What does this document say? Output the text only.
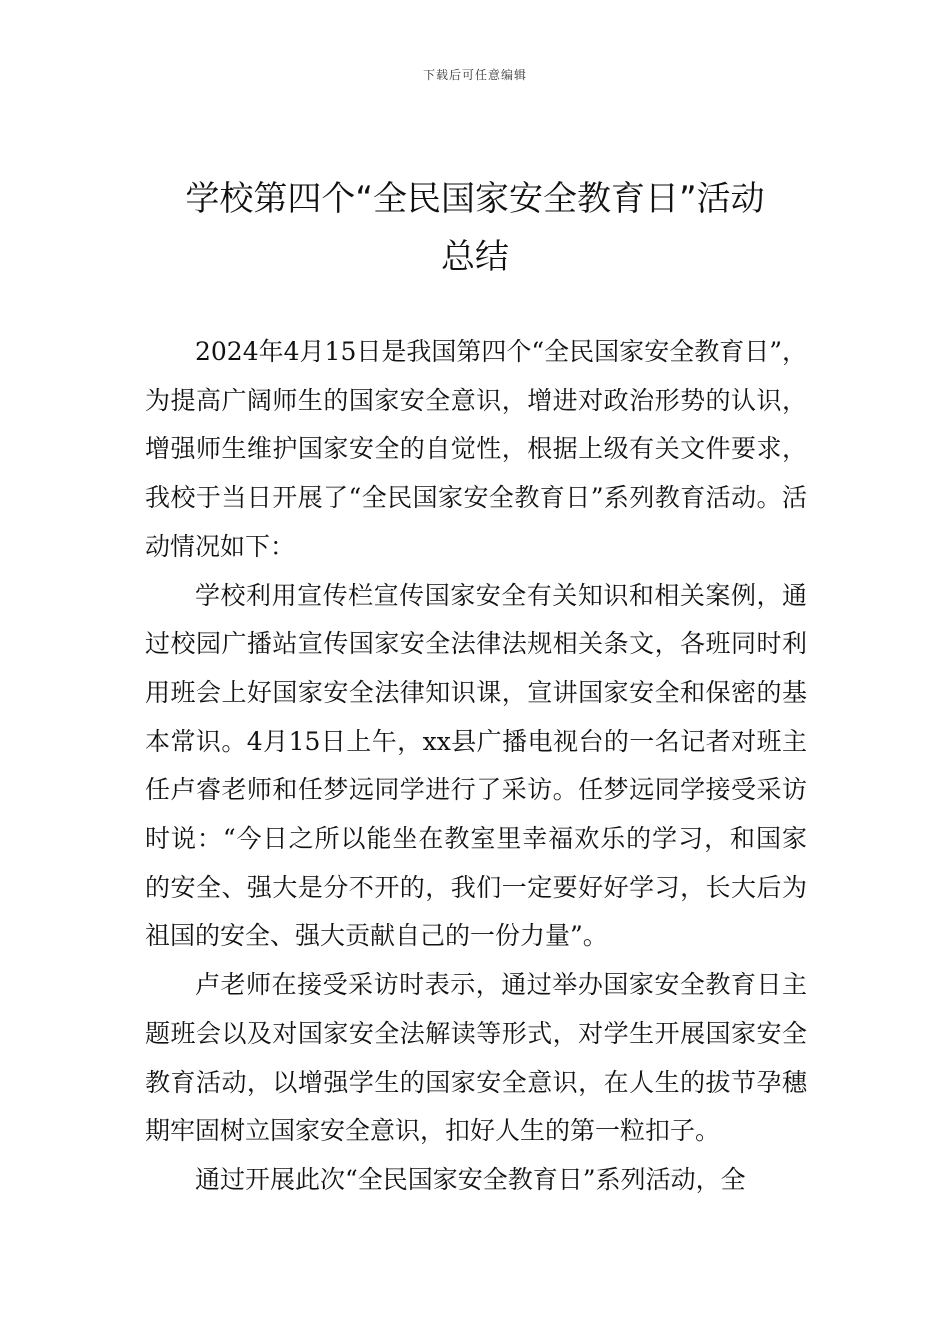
下载后可任意编辑
学校第四个“全民国家安全教育日”活动
总结

2024年4月15日是我国第四个“全民国家安全教育日”，为提高广阔师生的国家安全意识，增进对政治形势的认识，增强师生维护国家安全的自觉性，根据上级有关文件要求，我校于当日开展了“全民国家安全教育日”系列教育活动。活动情况如下：

学校利用宣传栏宣传国家安全有关知识和相关案例，通过校园广播站宣传国家安全法律法规相关条文，各班同时利用班会上好国家安全法律知识课，宣讲国家安全和保密的基本常识。4月15日上午，xx县广播电视台的一名记者对班主任卢睿老师和任梦远同学进行了采访。任梦远同学接受采访时说：“今日之所以能坐在教室里幸福欢乐的学习，和国家的安全、强大是分不开的，我们一定要好好学习，长大后为祖国的安全、强大贡献自己的一份力量”。

卢老师在接受采访时表示，通过举办国家安全教育日主题班会以及对国家安全法解读等形式，对学生开展国家安全教育活动，以增强学生的国家安全意识，在人生的拔节孕穗期牢固树立国家安全意识，扣好人生的第一粒扣子。

通过开展此次“全民国家安全教育日”系列活动，全
